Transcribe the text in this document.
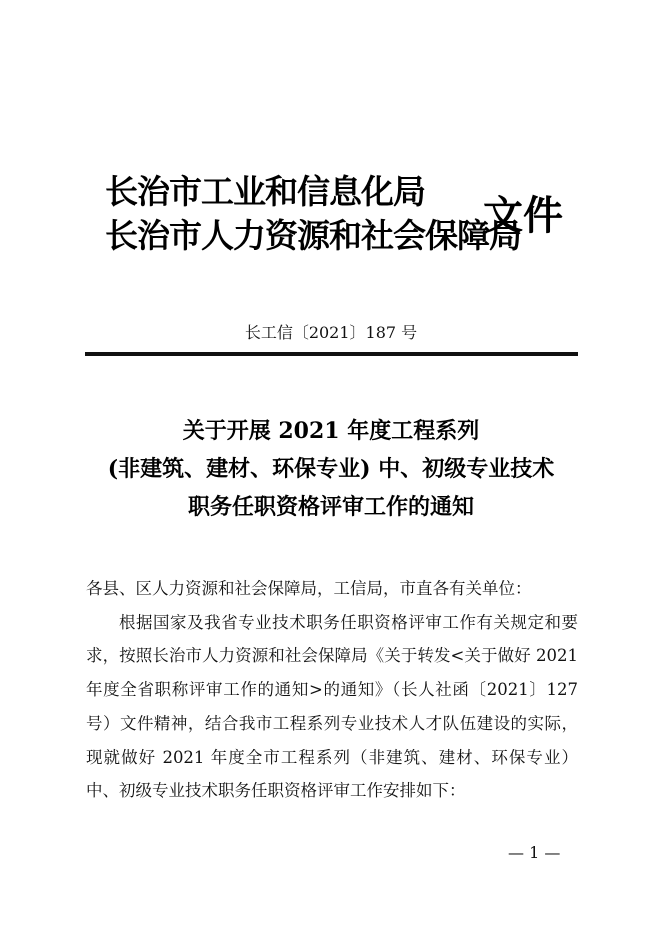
长治市工业和信息化局
长治市人力资源和社会保障局
文件
长工信〔2021〕187 号
关于开展 2021 年度工程系列
(非建筑、建材、环保专业) 中、初级专业技术
职务任职资格评审工作的通知
各县、区人力资源和社会保障局，工信局，市直各有关单位：
根据国家及我省专业技术职务任职资格评审工作有关规定和要求，按照长治市人力资源和社会保障局《关于转发<关于做好 2021 年度全省职称评审工作的通知>的通知》（长人社函〔2021〕127 号）文件精神，结合我市工程系列专业技术人才队伍建设的实际，现就做好 2021 年度全市工程系列（非建筑、建材、环保专业）中、初级专业技术职务任职资格评审工作安排如下：
— 1 —
